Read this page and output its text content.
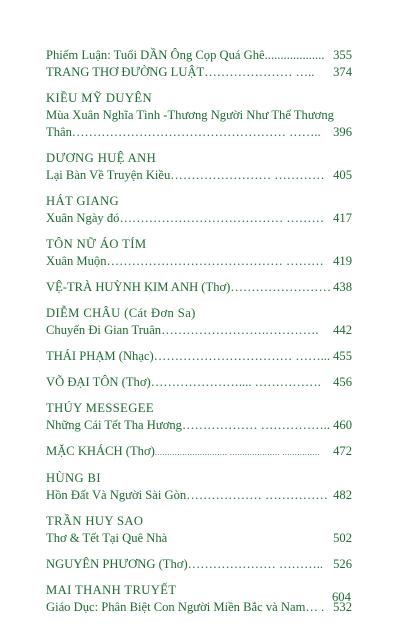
Phiếm Luận: Tuổi DẦN Ông Cọp Quá Ghê ................... 355
TRANG THƠ ĐƯỜNG LUẬT ………………… …..	374
KIỀU MỸ DUYÊN
Mùa Xuân Nghĩa Tình -Thương Người Như Thể Thương
Thân …………………………………………… …….. 396
DƯƠNG HUỆ ANH
Lại Bàn Về Truyện Kiều …………………… ………… 405
HÁT GIANG
Xuân Ngày đó ………………………………… ……… 417
TÔN NỮ ÁO TÍM
Xuân Muộn …………………………………… ……… 419
VỆ-TRÀ HUỲNH KIM ANH (Thơ) …………………… 438
DIỄM CHÂU (Cát Đơn Sa)
Chuyến Đi Gian Truân …………………….………….	442
THÁI PHẠM (Nhạc) …………………………… ……... 455
VÕ ĐẠI TÔN (Thơ) ………………….... ……………. 456
THÚY MESSEGEE
Những Cái Tết Tha Hương ……………… …………….. 460
MẶC KHÁCH (Thơ) ............................. .................... ...............	472
HÙNG BI
Hồn Đất Và Người Sài Gòn ……………… …………… 482
TRẦN HUY SAO
Thơ & Tết Tại Quê Nhà	502
NGUYÊN PHƯƠNG (Thơ) ………………… ……….. 526
MAI THANH TRUYẾT
Giáo Dục: Phân Biệt Con Người Miền Bắc và Nam… . 532
604
